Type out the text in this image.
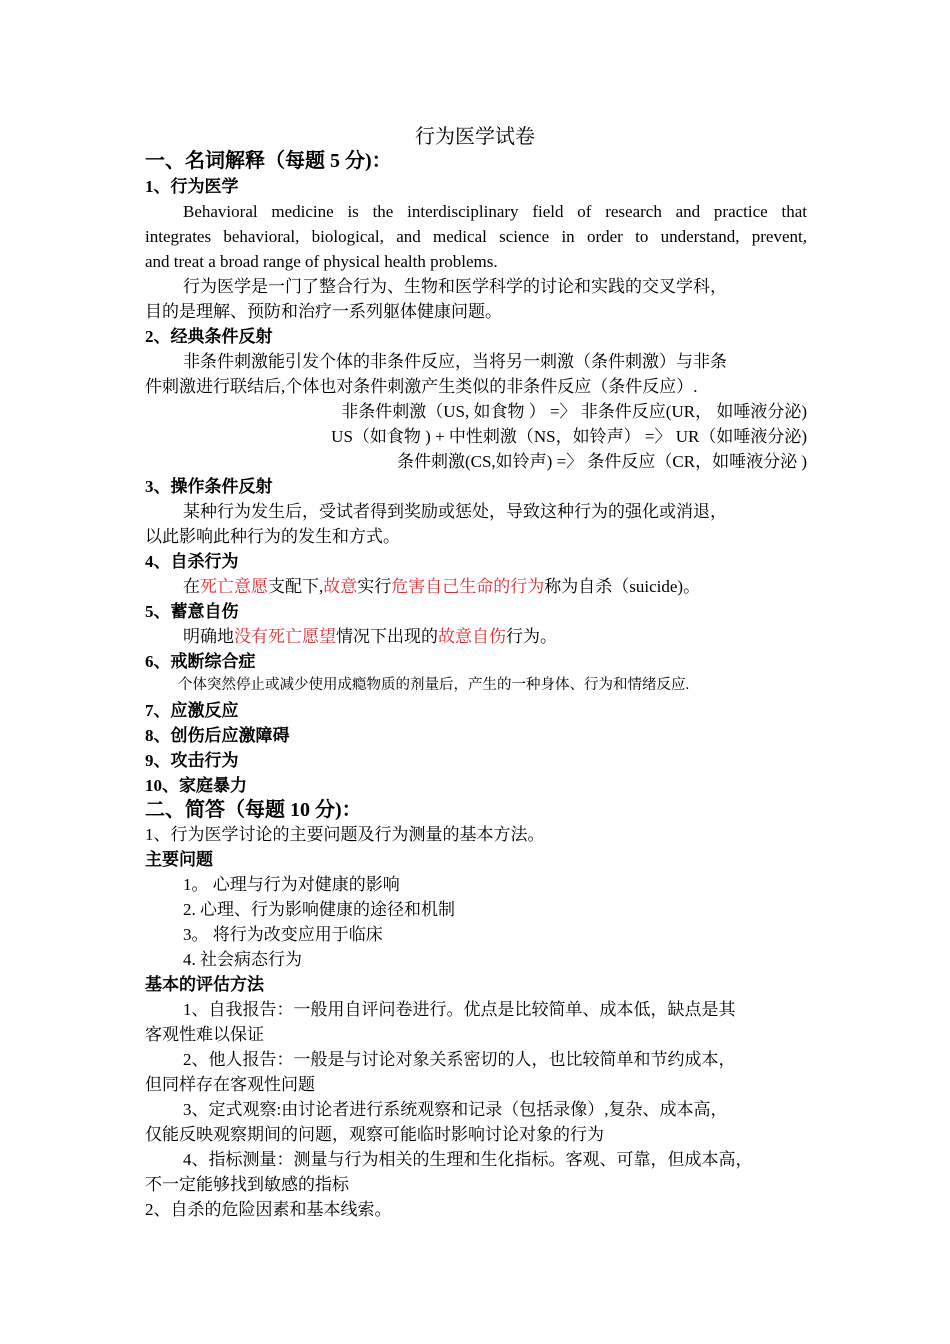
行为医学试卷
一、名词解释（每题 5 分)：
1、行为医学
Behavioral medicine is the interdisciplinary field of research and practice that
integrates behavioral, biological, and medical science in order to understand, prevent,
and treat a broad range of physical health problems.
行为医学是一门了整合行为、生物和医学科学的讨论和实践的交叉学科，
目的是理解、预防和治疗一系列躯体健康问题。
2、经典条件反射
非条件刺激能引发个体的非条件反应，当将另一刺激（条件刺激）与非条
件刺激进行联结后,个体也对条件刺激产生类似的非条件反应（条件反应）.
非条件刺激（US, 如食物 ） =〉 非条件反应(UR， 如唾液分泌)
US（如食物 ) + 中性刺激（NS，如铃声） =〉 UR（如唾液分泌)
条件刺激(CS,如铃声) =〉 条件反应（CR，如唾液分泌 )
3、操作条件反射
某种行为发生后，受试者得到奖励或惩处，导致这种行为的强化或消退，
以此影响此种行为的发生和方式。
4、自杀行为
在死亡意愿支配下,故意实行危害自己生命的行为称为自杀（suicide)。
5、蓄意自伤
明确地没有死亡愿望情况下出现的故意自伤行为。
6、戒断综合症
个体突然停止或减少使用成瘾物质的剂量后，产生的一种身体、行为和情绪反应.
7、应激反应
8、创伤后应激障碍
9、攻击行为
10、家庭暴力
二、简答（每题 10 分)：
1、行为医学讨论的主要问题及行为测量的基本方法。
主要问题
1。 心理与行为对健康的影响
2. 心理、行为影响健康的途径和机制
3。 将行为改变应用于临床
4. 社会病态行为
基本的评估方法
1、自我报告：一般用自评问卷进行。优点是比较简单、成本低，缺点是其
客观性难以保证
2、他人报告：一般是与讨论对象关系密切的人，也比较简单和节约成本，
但同样存在客观性问题
3、定式观察:由讨论者进行系统观察和记录（包括录像）,复杂、成本高，
仅能反映观察期间的问题，观察可能临时影响讨论对象的行为
4、指标测量：测量与行为相关的生理和生化指标。客观、可靠，但成本高，
不一定能够找到敏感的指标
2、自杀的危险因素和基本线索。
